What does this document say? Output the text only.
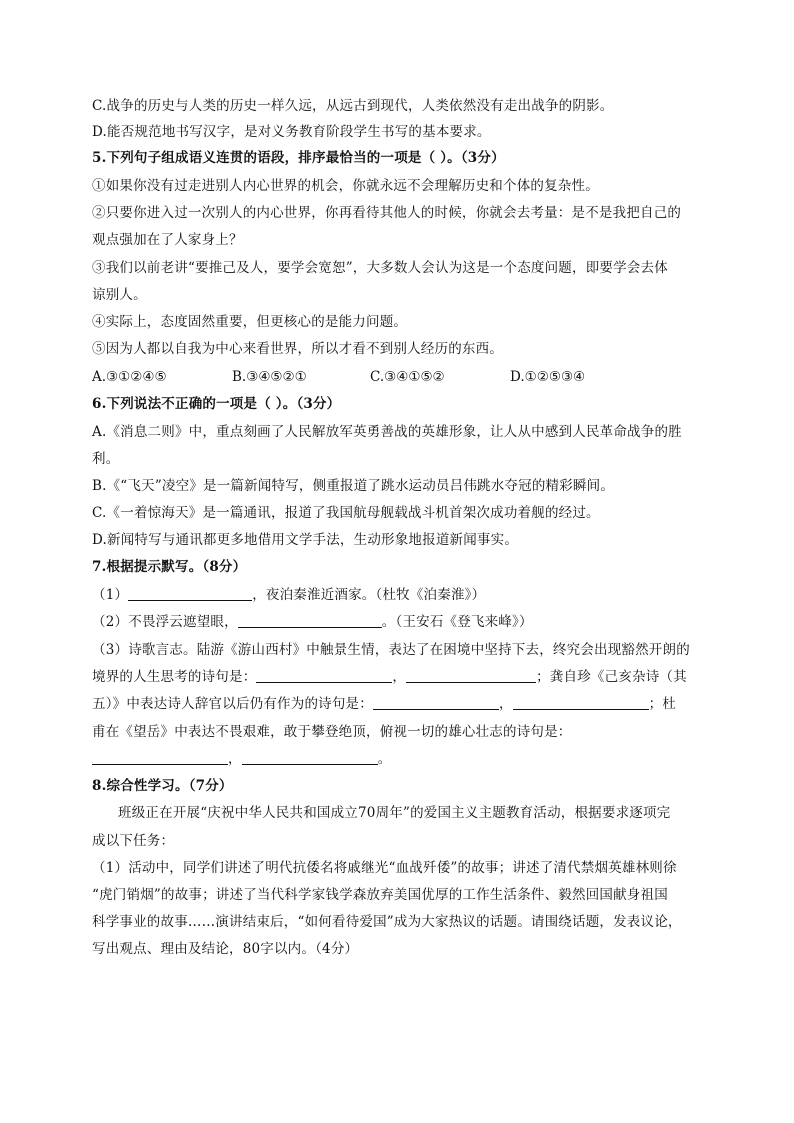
C.战争的历史与人类的历史一样久远，从远古到现代，人类依然没有走出战争的阴影。
D.能否规范地书写汉字，是对义务教育阶段学生书写的基本要求。
5.下列句子组成语义连贯的语段，排序最恰当的一项是（ ）。（3分）
①如果你没有过走进别人内心世界的机会，你就永远不会理解历史和个体的复杂性。
②只要你进入过一次别人的内心世界，你再看待其他人的时候，你就会去考量：是不是我把自己的
观点强加在了人家身上？
③我们以前老讲“要推己及人，要学会宽恕”，大多数人会认为这是一个态度问题，即要学会去体
谅别人。
④实际上，态度固然重要，但更核心的是能力问题。
⑤因为人都以自我为中心来看世界，所以才看不到别人经历的东西。
A.③①②④⑤	B.③④⑤②①	C.③④①⑤②	D.①②⑤③④
6.下列说法不正确的一项是（ ）。（3分）
A.《消息二则》中，重点刻画了人民解放军英勇善战的英雄形象，让人从中感到人民革命战争的胜
利。
B.《“飞天”凌空》是一篇新闻特写，侧重报道了跳水运动员吕伟跳水夺冠的精彩瞬间。
C.《一着惊海天》是一篇通讯，报道了我国航母舰载战斗机首架次成功着舰的经过。
D.新闻特写与通讯都更多地借用文学手法，生动形象地报道新闻事实。
7.根据提示默写。（8分）
（1）	，夜泊秦淮近酒家。（杜牧《泊秦淮》）
（2）不畏浮云遮望眼，	。（王安石《登飞来峰》）
（3）诗歌言志。陆游《游山西村》中触景生情，表达了在困境中坚持下去，终究会出现豁然开朗的
境界的人生思考的诗句是：	，	；龚自珍《己亥杂诗（其
五）》中表达诗人辞官以后仍有作为的诗句是：	，	；杜
甫在《望岳》中表达不畏艰难，敢于攀登绝顶，俯视一切的雄心壮志的诗句是：
，	。
8.综合性学习。（7分）
班级正在开展“庆祝中华人民共和国成立70周年”的爱国主义主题教育活动，根据要求逐项完
成以下任务：
（1）活动中，同学们讲述了明代抗倭名将戚继光“血战歼倭”的故事；讲述了清代禁烟英雄林则徐
“虎门销烟”的故事；讲述了当代科学家钱学森放弃美国优厚的工作生活条件、毅然回国献身祖国
科学事业的故事……演讲结束后，“如何看待爱国”成为大家热议的话题。请围绕话题，发表议论，
写出观点、理由及结论，80字以内。（4分）
